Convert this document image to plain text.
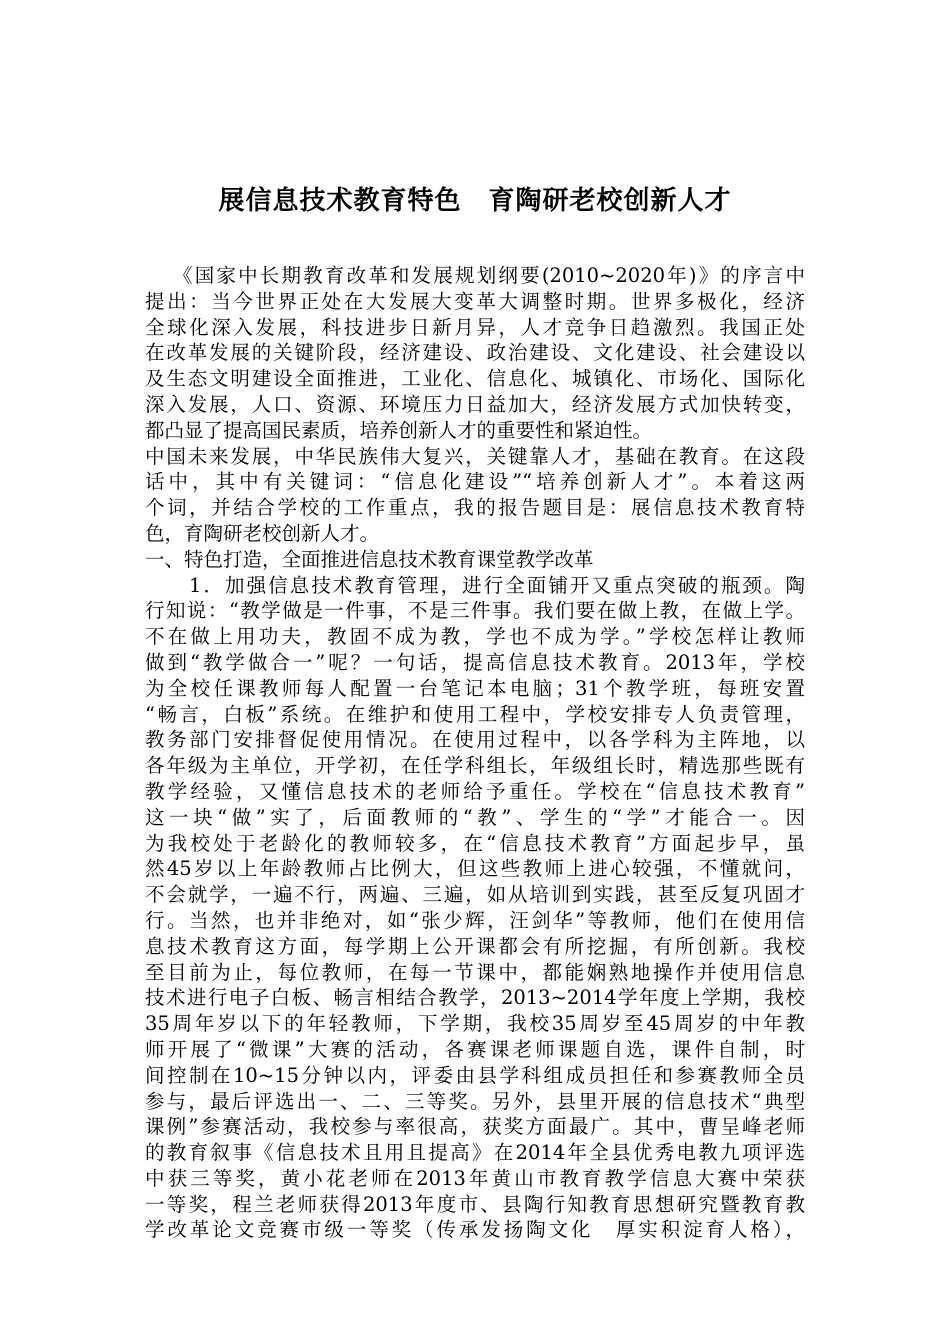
展信息技术教育特色　育陶研老校创新人才
《国家中长期教育改革和发展规划纲要(2010~2020年)》的序言中
提出：当今世界正处在大发展大变革大调整时期。世界多极化，经济
全球化深入发展，科技进步日新月异，人才竞争日趋激烈。我国正处
在改革发展的关键阶段，经济建设、政治建设、文化建设、社会建设以
及生态文明建设全面推进，工业化、信息化、城镇化、市场化、国际化
深入发展，人口、资源、环境压力日益加大，经济发展方式加快转变，
都凸显了提高国民素质，培养创新人才的重要性和紧迫性。
中国未来发展，中华民族伟大复兴，关键靠人才，基础在教育。在这段
话中，其中有关键词：“信息化建设”“培养创新人才”。本着这两
个词，并结合学校的工作重点，我的报告题目是：展信息技术教育特
色，育陶研老校创新人才。
一、特色打造，全面推进信息技术教育课堂教学改革
1．加强信息技术教育管理，进行全面铺开又重点突破的瓶颈。陶
行知说：“教学做是一件事，不是三件事。我们要在做上教，在做上学。
不在做上用功夫，教固不成为教，学也不成为学。”学校怎样让教师
做到“教学做合一”呢？一句话，提高信息技术教育。2013年，学校
为全校任课教师每人配置一台笔记本电脑；31个教学班，每班安置
“畅言，白板”系统。在维护和使用工程中，学校安排专人负责管理，
教务部门安排督促使用情况。在使用过程中，以各学科为主阵地，以
各年级为主单位，开学初，在任学科组长，年级组长时，精选那些既有
教学经验，又懂信息技术的老师给予重任。学校在“信息技术教育”
这一块“做”实了，后面教师的“教”、学生的“学”才能合一。因
为我校处于老龄化的教师较多，在“信息技术教育”方面起步早，虽
然45岁以上年龄教师占比例大，但这些教师上进心较强，不懂就问，
不会就学，一遍不行，两遍、三遍，如从培训到实践，甚至反复巩固才
行。当然，也并非绝对，如“张少辉，汪剑华”等教师，他们在使用信
息技术教育这方面，每学期上公开课都会有所挖掘，有所创新。我校
至目前为止，每位教师，在每一节课中，都能娴熟地操作并使用信息
技术进行电子白板、畅言相结合教学，2013~2014学年度上学期，我校
35周年岁以下的年轻教师，下学期，我校35周岁至45周岁的中年教
师开展了“微课”大赛的活动，各赛课老师课题自选，课件自制，时
间控制在10~15分钟以内，评委由县学科组成员担任和参赛教师全员
参与，最后评选出一、二、三等奖。另外，县里开展的信息技术“典型
课例”参赛活动，我校参与率很高，获奖方面最广。其中，曹呈峰老师
的教育叙事《信息技术且用且提高》在2014年全县优秀电教九项评选
中获三等奖，黄小花老师在2013年黄山市教育教学信息大赛中荣获
一等奖，程兰老师获得2013年度市、县陶行知教育思想研究暨教育教
学改革论文竞赛市级一等奖（传承发扬陶文化　厚实积淀育人格），
